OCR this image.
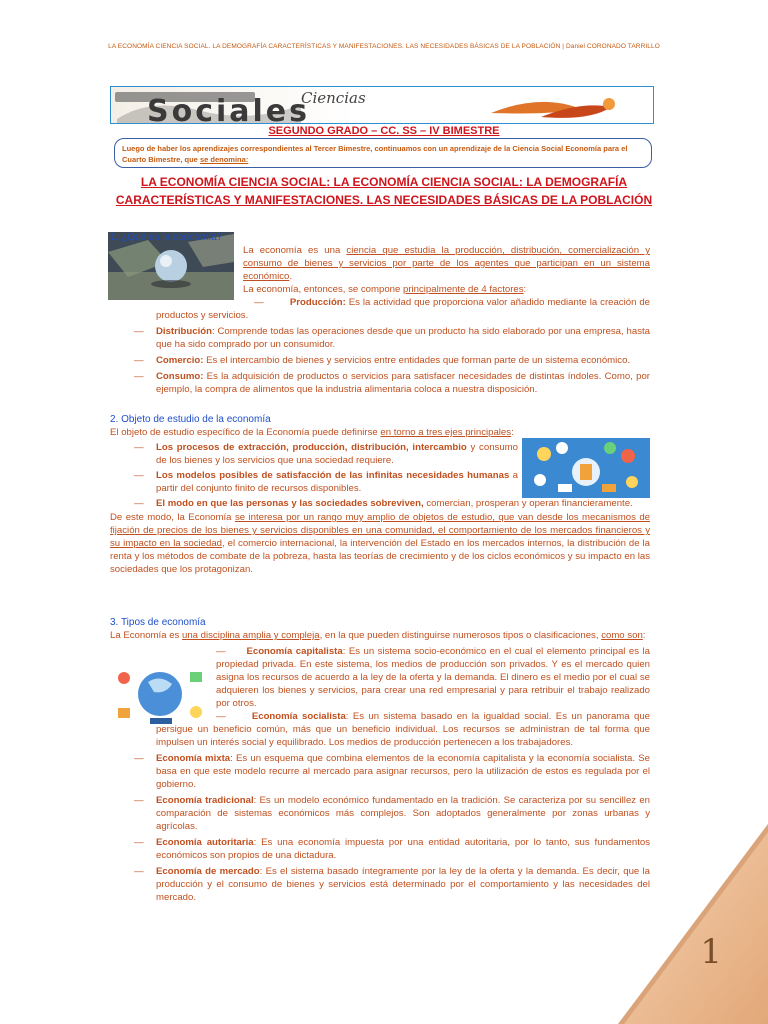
LA ECONOMÍA CIENCIA SOCIAL. LA DEMOGRAFÍA CARACTERÍSTICAS Y MANIFESTACIONES. LAS NECESIDADES BÁSICAS DE LA POBLACIÓN | Daniel CORONADO TARRILLO
Ciencias
Sociales
SEGUNDO GRADO – CC. SS – IV BIMESTRE
Luego de haber los aprendizajes correspondientes al Tercer Bimestre, continuamos con un aprendizaje de la Ciencia Social Economía para el Cuarto Bimestre, que se denomina:
LA ECONOMÍA CIENCIA SOCIAL: LA ECONOMÍA CIENCIA SOCIAL: LA DEMOGRAFÍA CARACTERÍSTICAS Y MANIFESTACIONES. LAS NECESIDADES BÁSICAS DE LA POBLACIÓN
1. ¿Qué es la economía?
La economía es una ciencia que estudia la producción, distribución, comercialización y consumo de bienes y servicios por parte de los agentes que participan en un sistema económico.
La economía, entonces, se compone principalmente de 4 factores:
—	Producción: Es la actividad que proporciona valor añadido mediante la creación de productos y servicios.
— Distribución: Comprende todas las operaciones desde que un producto ha sido elaborado por una empresa, hasta que ha sido comprado por un consumidor.
— Comercio: Es el intercambio de bienes y servicios entre entidades que forman parte de un sistema económico.
— Consumo: Es la adquisición de productos o servicios para satisfacer necesidades de distintas índoles. Como, por ejemplo, la compra de alimentos que la industria alimentaria coloca a nuestra disposición.
2. Objeto de estudio de la economía
El objeto de estudio específico de la Economía puede definirse en torno a tres ejes principales:
— Los procesos de extracción, producción, distribución, intercambio y consumo de los bienes y los servicios que una sociedad requiere.
— Los modelos posibles de satisfacción de las infinitas necesidades humanas a partir del conjunto finito de recursos disponibles.
— El modo en que las personas y las sociedades sobreviven, comercian, prosperan y operan financieramente.
De este modo, la Economía se interesa por un rango muy amplio de objetos de estudio, que van desde los mecanismos de fijación de precios de los bienes y servicios disponibles en una comunidad, el comportamiento de los mercados financieros y su impacto en la sociedad, el comercio internacional, la intervención del Estado en los mercados internos, la distribución de la renta y los métodos de combate de la pobreza, hasta las teorías de crecimiento y de los ciclos económicos y su impacto en las sociedades que los protagonizan.
3. Tipos de economía
La Economía es una disciplina amplia y compleja, en la que pueden distinguirse numerosos tipos o clasificaciones, como son:
— Economía capitalista: Es un sistema socio-económico en el cual el elemento principal es la propiedad privada. En este sistema, los medios de producción son privados. Y es el mercado quien asigna los recursos de acuerdo a la ley de la oferta y la demanda. El dinero es el medio por el cual se adquieren los bienes y servicios, para crear una red empresarial y para retribuir el trabajo realizado por otros.
—	Economía socialista: Es un sistema basado en la igualdad social. Es un panorama que persigue un beneficio común, más que un beneficio individual. Los recursos se administran de tal forma que impulsen un interés social y equilibrado. Los medios de producción pertenecen a los trabajadores.
— Economía mixta: Es un esquema que combina elementos de la economía capitalista y la economía socialista. Se basa en que este modelo recurre al mercado para asignar recursos, pero la utilización de estos es regulada por el gobierno.
— Economía tradicional: Es un modelo económico fundamentado en la tradición. Se caracteriza por su sencillez en comparación de sistemas económicos más complejos. Son adoptados generalmente por zonas urbanas y agrícolas.
— Economía autoritaria: Es una economía impuesta por una entidad autoritaria, por lo tanto, sus fundamentos económicos son propios de una dictadura.
— Economía de mercado: Es el sistema basado íntegramente por la ley de la oferta y la demanda. Es decir, que la producción y el consumo de bienes y servicios está determinado por el comportamiento y las necesidades del mercado.
1
